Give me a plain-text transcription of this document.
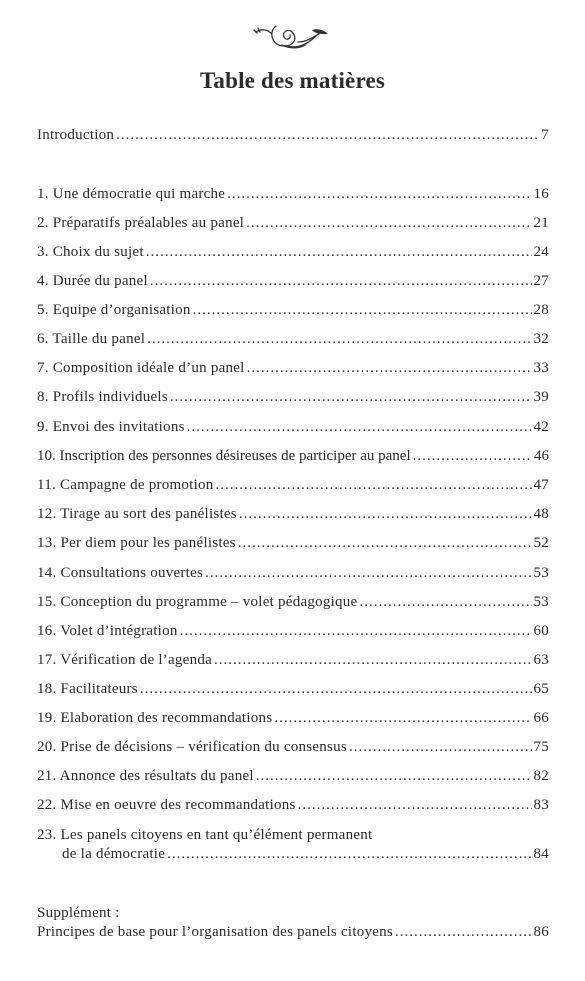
Table des matières
Introduction .....	7
1. Une démocratie qui marche .....	16
2. Préparatifs préalables au panel .....	21
3. Choix du sujet .....	24
4. Durée du panel .....	27
5. Equipe d’organisation .....	28
6. Taille du panel .....	32
7. Composition idéale d’un panel .....	33
8. Profils individuels .....	39
9. Envoi des invitations .....	42
10. Inscription des personnes désireuses de participer au panel .....	46
11. Campagne de promotion .....	47
12. Tirage au sort des panélistes .....	48
13. Per diem pour les panélistes .....	52
14. Consultations ouvertes .....	53
15. Conception du programme – volet pédagogique .....	53
16. Volet d’intégration .....	60
17. Vérification de l’agenda .....	63
18. Facilitateurs .....	65
19. Elaboration des recommandations .....	66
20. Prise de décisions – vérification du consensus .....	75
21. Annonce des résultats du panel .....	82
22. Mise en oeuvre des recommandations .....	83
23. Les panels citoyens en tant qu’élément permanent
de la démocratie .....	84
Supplément :
Principes de base pour l’organisation des panels citoyens .....	86
